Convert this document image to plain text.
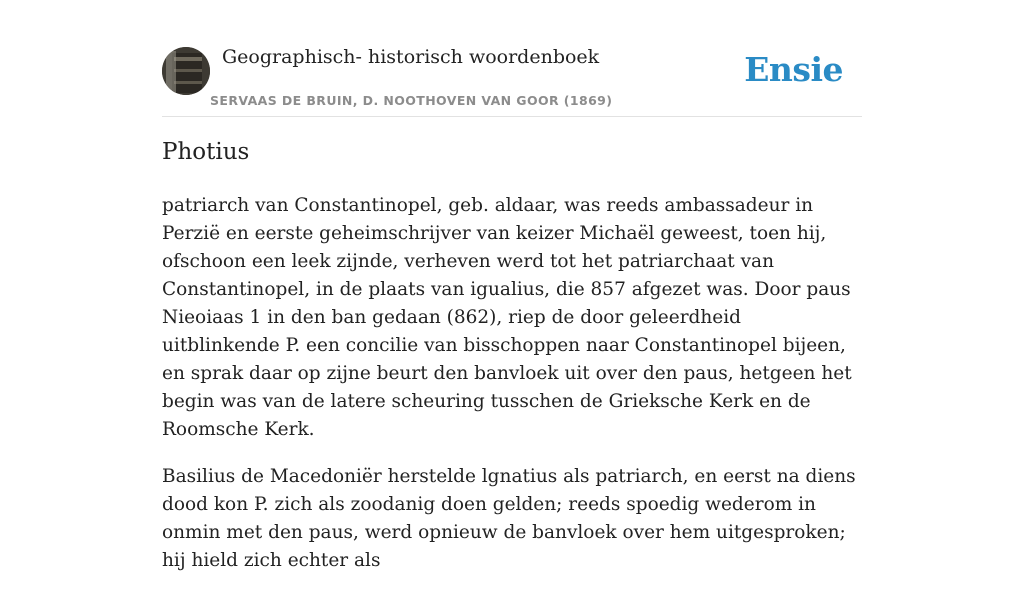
Geographisch- historisch woordenboek
SERVAAS DE BRUIN, D. NOOTHOVEN VAN GOOR (1869)
Ensie
Photius

patriarch van Constantinopel, geb. aldaar, was reeds ambassadeur in Perzië en eerste geheimschrijver van keizer Michaël geweest, toen hij, ofschoon een leek zijnde, verheven werd tot het patriarchaat van Constantinopel, in de plaats van igualius, die 857 afgezet was. Door paus Nieoiaas 1 in den ban gedaan (862), riep de door geleerdheid uitblinkende P. een concilie van bisschoppen naar Constantinopel bijeen, en sprak daar op zijne beurt den banvloek uit over den paus, hetgeen het begin was van de latere scheuring tusschen de Grieksche Kerk en de Roomsche Kerk.

Basilius de Macedoniër herstelde lgnatius als patriarch, en eerst na diens dood kon P. zich als zoodanig doen gelden; reeds spoedig wederom in onmin met den paus, werd opnieuw de banvloek over hem uitgesproken; hij hield zich echter als
